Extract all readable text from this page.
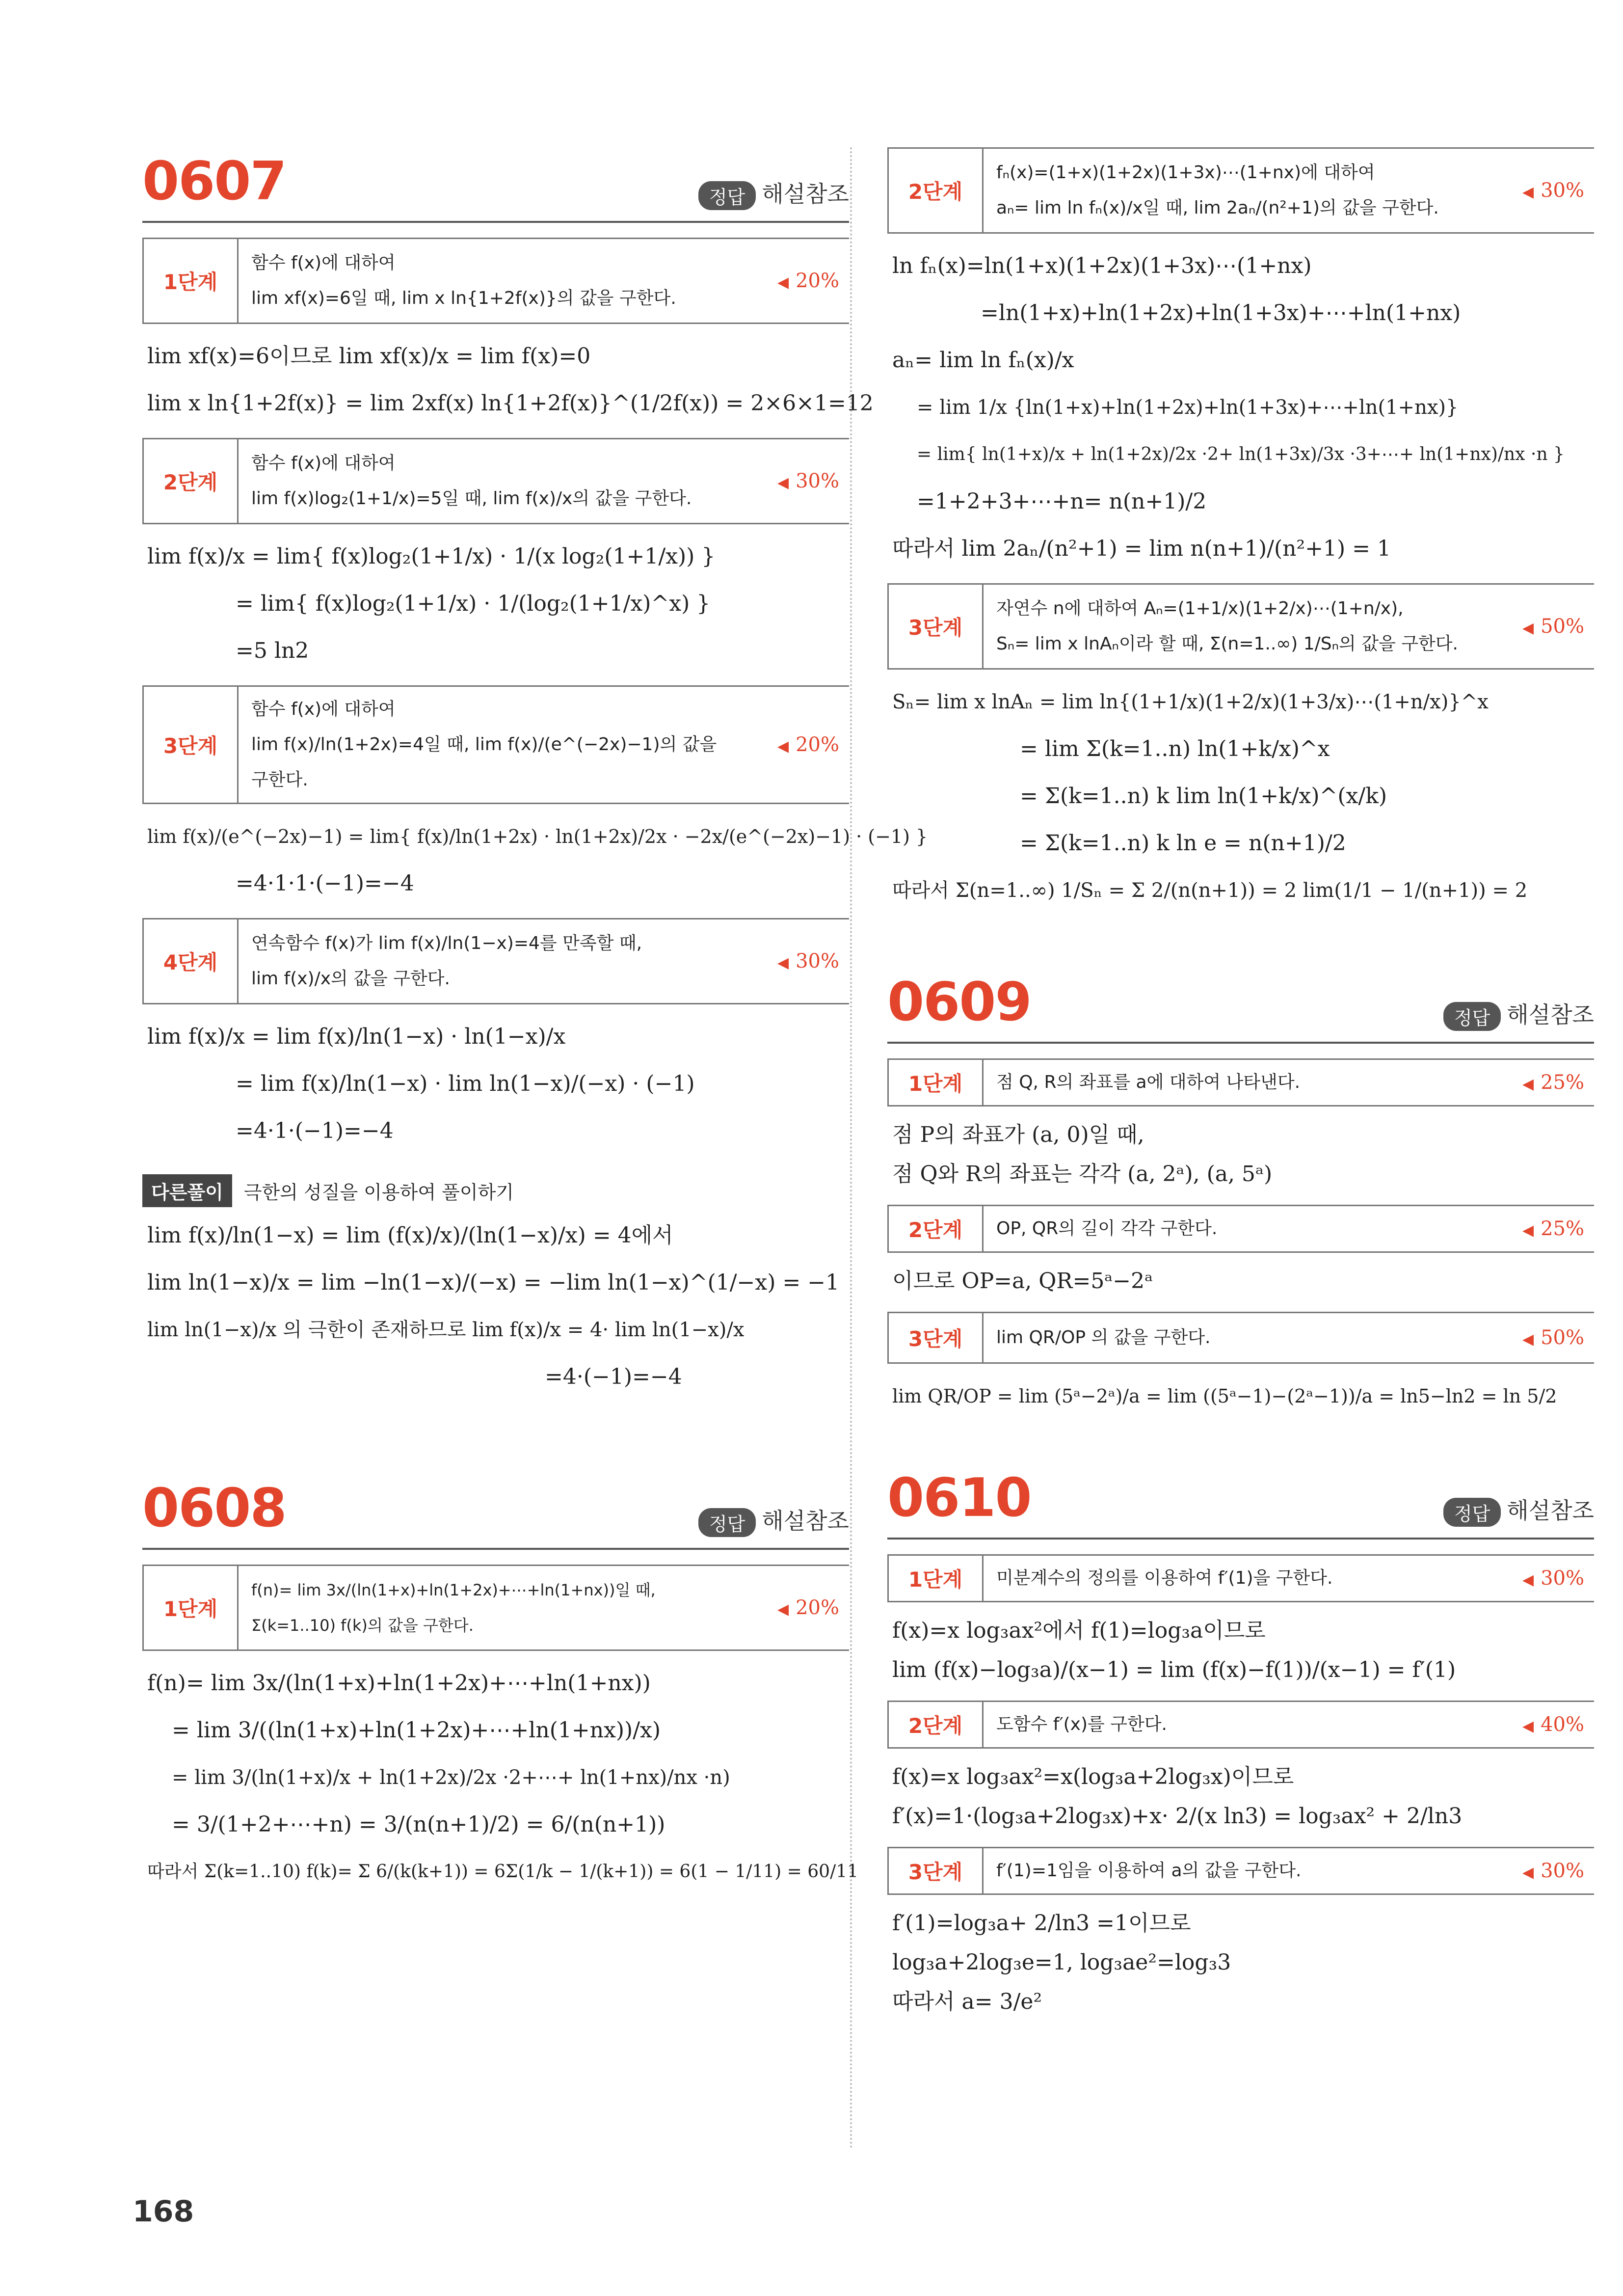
0607	정답 해설참조
1단계
함수 f(x)에 대하여
lim xf(x)=6일 때, lim x ln{1+2f(x)}의 값을 구한다.
◀ 20%
lim xf(x)=6이므로 lim xf(x)/x = lim f(x)=0
lim x ln{1+2f(x)} = lim 2xf(x) ln{1+2f(x)}^(1/2f(x)) = 2×6×1=12
2단계
함수 f(x)에 대하여
lim f(x)log₂(1+1/x)=5일 때, lim f(x)/x의 값을 구한다.
◀ 30%
lim f(x)/x = lim{ f(x)log₂(1+1/x) · 1/(x log₂(1+1/x)) }
= lim{ f(x)log₂(1+1/x) · 1/(log₂(1+1/x)^x) }
=5 ln2
3단계
함수 f(x)에 대하여
lim f(x)/ln(1+2x)=4일 때, lim f(x)/(e^(−2x)−1)의 값을 구한다.
◀ 20%
lim f(x)/(e^(−2x)−1) = lim{ f(x)/ln(1+2x) · ln(1+2x)/2x · −2x/(e^(−2x)−1) · (−1) }
=4·1·1·(−1)=−4
4단계
연속함수 f(x)가 lim f(x)/ln(1−x)=4를 만족할 때,
lim f(x)/x의 값을 구한다.
◀ 30%
lim f(x)/x = lim f(x)/ln(1−x) · ln(1−x)/x
= lim f(x)/ln(1−x) · lim ln(1−x)/(−x) · (−1)
=4·1·(−1)=−4
다른풀이	극한의 성질을 이용하여 풀이하기
lim f(x)/ln(1−x) = lim (f(x)/x)/(ln(1−x)/x) = 4에서
lim ln(1−x)/x = lim −ln(1−x)/(−x) = −lim ln(1−x)^(1/−x) = −1
lim ln(1−x)/x 의 극한이 존재하므로 lim f(x)/x = 4· lim ln(1−x)/x
=4·(−1)=−4
0608	정답 해설참조
1단계
f(n)= lim 3x/(ln(1+x)+ln(1+2x)+⋯+ln(1+nx))일 때,
Σ(k=1..10) f(k)의 값을 구한다.
◀ 20%
f(n)= lim 3x/(ln(1+x)+ln(1+2x)+⋯+ln(1+nx))
= lim 3/((ln(1+x)+ln(1+2x)+⋯+ln(1+nx))/x)
= lim 3/(ln(1+x)/x + ln(1+2x)/2x ·2+⋯+ ln(1+nx)/nx ·n)
= 3/(1+2+⋯+n) = 3/(n(n+1)/2) = 6/(n(n+1))
따라서 Σ(k=1..10) f(k)= Σ 6/(k(k+1)) = 6Σ(1/k − 1/(k+1)) = 6(1 − 1/11) = 60/11
2단계
fₙ(x)=(1+x)(1+2x)(1+3x)⋯(1+nx)에 대하여
aₙ= lim ln fₙ(x)/x일 때, lim 2aₙ/(n²+1)의 값을 구한다.
◀ 30%
ln fₙ(x)=ln(1+x)(1+2x)(1+3x)⋯(1+nx)
=ln(1+x)+ln(1+2x)+ln(1+3x)+⋯+ln(1+nx)
aₙ= lim ln fₙ(x)/x
= lim 1/x {ln(1+x)+ln(1+2x)+ln(1+3x)+⋯+ln(1+nx)}
= lim{ ln(1+x)/x + ln(1+2x)/2x ·2+ ln(1+3x)/3x ·3+⋯+ ln(1+nx)/nx ·n }
=1+2+3+⋯+n= n(n+1)/2
따라서 lim 2aₙ/(n²+1) = lim n(n+1)/(n²+1) = 1
3단계
자연수 n에 대하여 Aₙ=(1+1/x)(1+2/x)⋯(1+n/x),
Sₙ= lim x lnAₙ이라 할 때, Σ(n=1..∞) 1/Sₙ의 값을 구한다.
◀ 50%
Sₙ= lim x lnAₙ = lim ln{(1+1/x)(1+2/x)(1+3/x)⋯(1+n/x)}^x
= lim Σ(k=1..n) ln(1+k/x)^x
= Σ(k=1..n) k lim ln(1+k/x)^(x/k)
= Σ(k=1..n) k ln e = n(n+1)/2
따라서 Σ(n=1..∞) 1/Sₙ = Σ 2/(n(n+1)) = 2 lim(1/1 − 1/(n+1)) = 2
0609	정답 해설참조
1단계	점 Q, R의 좌표를 a에 대하여 나타낸다.	◀ 25%
점 P의 좌표가 (a, 0)일 때,
점 Q와 R의 좌표는 각각 (a, 2ᵃ), (a, 5ᵃ)
2단계	OP, QR의 길이 각각 구한다.	◀ 25%
이므로 OP=a, QR=5ᵃ−2ᵃ
3단계	lim QR/OP 의 값을 구한다.	◀ 50%
lim QR/OP = lim (5ᵃ−2ᵃ)/a = lim ((5ᵃ−1)−(2ᵃ−1))/a = ln5−ln2 = ln 5/2
0610	정답 해설참조
1단계	미분계수의 정의를 이용하여 f′(1)을 구한다.	◀ 30%
f(x)=x log₃ax²에서 f(1)=log₃a이므로
lim (f(x)−log₃a)/(x−1) = lim (f(x)−f(1))/(x−1) = f′(1)
2단계	도함수 f′(x)를 구한다.	◀ 40%
f(x)=x log₃ax²=x(log₃a+2log₃x)이므로
f′(x)=1·(log₃a+2log₃x)+x· 2/(x ln3) = log₃ax² + 2/ln3
3단계	f′(1)=1임을 이용하여 a의 값을 구한다.	◀ 30%
f′(1)=log₃a+ 2/ln3 =1이므로
log₃a+2log₃e=1, log₃ae²=log₃3
따라서 a= 3/e²
168
